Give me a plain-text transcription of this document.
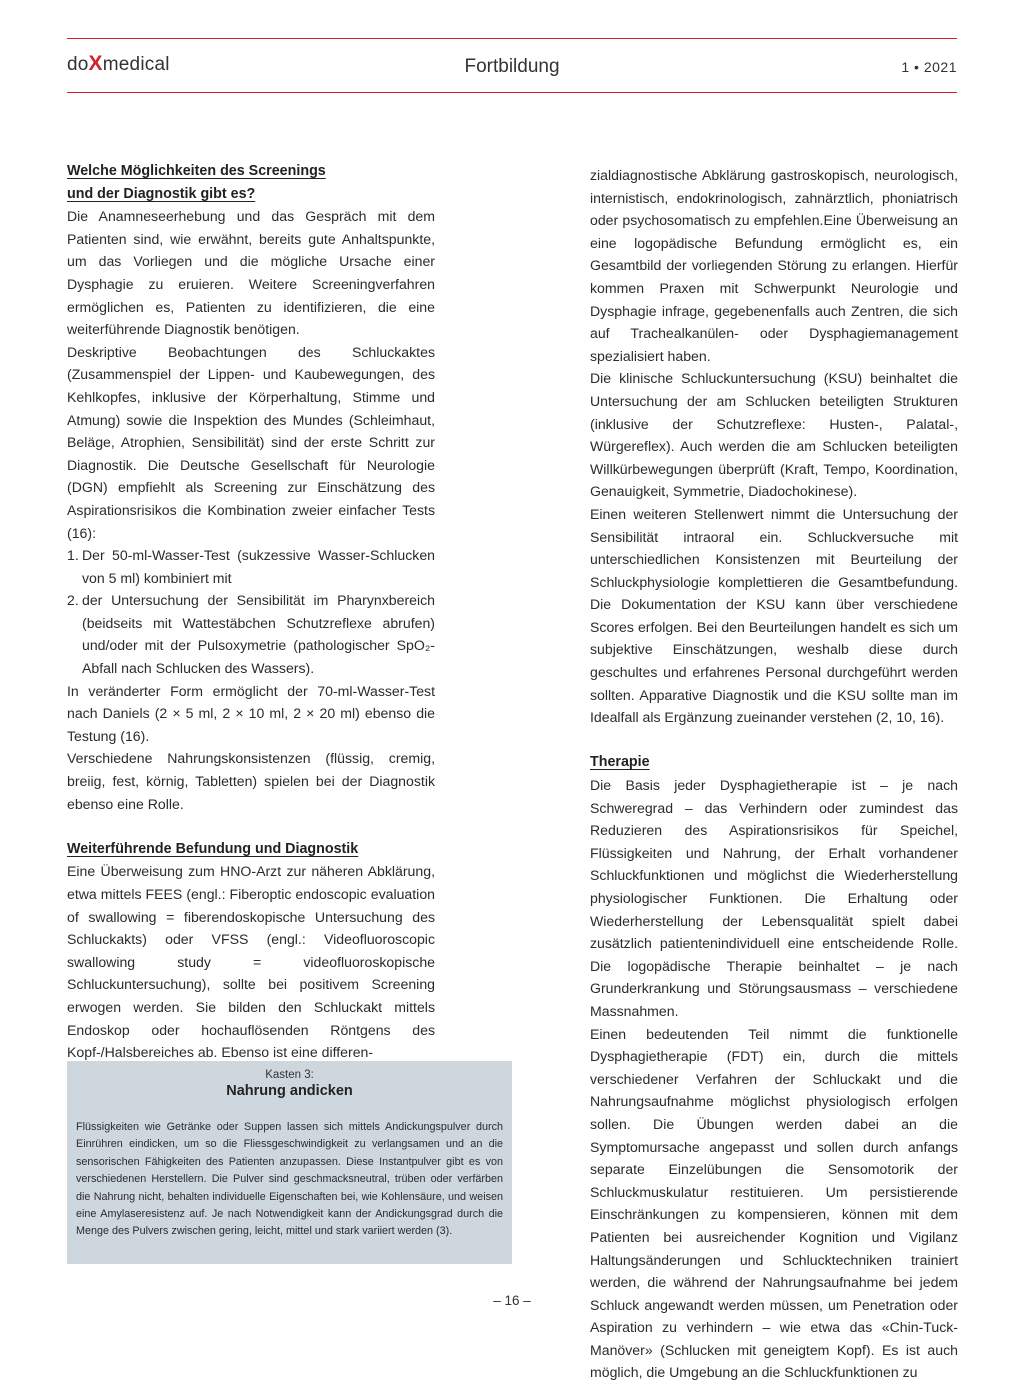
doXmedical	Fortbildung	1 • 2021
Welche Möglichkeiten des Screenings
und der Diagnostik gibt es?

Die Anamneseerhebung und das Gespräch mit dem Patienten sind, wie erwähnt, bereits gute Anhaltspunkte, um das Vorliegen und die mögliche Ursache einer Dysphagie zu eruieren. Weitere Screeningverfahren ermöglichen es, Patienten zu identifizieren, die eine weiterführende Diagnostik benötigen.

Deskriptive Beobachtungen des Schluckaktes (Zusammenspiel der Lippen- und Kaubewegungen, des Kehlkopfes, inklusive der Körperhaltung, Stimme und Atmung) sowie die Inspektion des Mundes (Schleimhaut, Beläge, Atrophien, Sensibilität) sind der erste Schritt zur Diagnostik. Die Deutsche Gesellschaft für Neurologie (DGN) empfiehlt als Screening zur Einschätzung des Aspirationsrisikos die Kombination zweier einfacher Tests (16):

1. Der 50-ml-Wasser-Test (sukzessive Wasser-Schlucken von 5 ml) kombiniert mit
2. der Untersuchung der Sensibilität im Pharynxbereich (beidseits mit Wattestäbchen Schutzreflexe abrufen) und/oder mit der Pulsoxymetrie (pathologischer SpO₂-Abfall nach Schlucken des Wassers).

In veränderter Form ermöglicht der 70-ml-Wasser-Test nach Daniels (2 × 5 ml, 2 × 10 ml, 2 × 20 ml) ebenso die Testung (16).

Verschiedene Nahrungskonsistenzen (flüssig, cremig, breiig, fest, körnig, Tabletten) spielen bei der Diagnostik ebenso eine Rolle.

Weiterführende Befundung und Diagnostik

Eine Überweisung zum HNO-Arzt zur näheren Abklärung, etwa mittels FEES (engl.: Fiberoptic endoscopic evaluation of swallowing = fiberendoskopische Untersuchung des Schluckakts) oder VFSS (engl.: Videofluoroscopic swallowing study = videofluoroskopische Schluckuntersuchung), sollte bei positivem Screening erwogen werden. Sie bilden den Schluckakt mittels Endoskop oder hochauflösenden Röntgens des Kopf-/Halsbereiches ab. Ebenso ist eine differen-

Kasten 3:
Nahrung andicken
Flüssigkeiten wie Getränke oder Suppen lassen sich mittels Andickungspulver durch Einrühren eindicken, um so die Fliessgeschwindigkeit zu verlangsamen und an die sensorischen Fähigkeiten des Patienten anzupassen. Diese Instantpulver gibt es von verschiedenen Herstellern. Die Pulver sind geschmacksneutral, trüben oder verfärben die Nahrung nicht, behalten individuelle Eigenschaften bei, wie Kohlensäure, und weisen eine Amylaseresistenz auf. Je nach Notwendigkeit kann der Andickungsgrad durch die Menge des Pulvers zwischen gering, leicht, mittel und stark variiert werden (3).

zialdiagnostische Abklärung gastroskopisch, neurologisch, internistisch, endokrinologisch, zahnärztlich, phoniatrisch oder psychosomatisch zu empfehlen.Eine Überweisung an eine logopädische Befundung ermöglicht es, ein Gesamtbild der vorliegenden Störung zu erlangen. Hierfür kommen Praxen mit Schwerpunkt Neurologie und Dysphagie infrage, gegebenenfalls auch Zentren, die sich auf Trachealkanülen- oder Dysphagiemanagement spezialisiert haben.

Die klinische Schluckuntersuchung (KSU) beinhaltet die Untersuchung der am Schlucken beteiligten Strukturen (inklusive der Schutzreflexe: Husten-, Palatal-, Würgereflex). Auch werden die am Schlucken beteiligten Willkürbewegungen überprüft (Kraft, Tempo, Koordination, Genauigkeit, Symmetrie, Diadochokinese).

Einen weiteren Stellenwert nimmt die Untersuchung der Sensibilität intraoral ein. Schluckversuche mit unterschiedlichen Konsistenzen mit Beurteilung der Schluckphysiologie komplettieren die Gesamtbefundung. Die Dokumentation der KSU kann über verschiedene Scores erfolgen. Bei den Beurteilungen handelt es sich um subjektive Einschätzungen, weshalb diese durch geschultes und erfahrenes Personal durchgeführt werden sollten. Apparative Diagnostik und die KSU sollte man im Idealfall als Ergänzung zueinander verstehen (2, 10, 16).

Therapie

Die Basis jeder Dysphagietherapie ist – je nach Schweregrad – das Verhindern oder zumindest das Reduzieren des Aspirationsrisikos für Speichel, Flüssigkeiten und Nahrung, der Erhalt vorhandener Schluckfunktionen und möglichst die Wiederherstellung physiologischer Funktionen. Die Erhaltung oder Wiederherstellung der Lebensqualität spielt dabei zusätzlich patientenindividuell eine entscheidende Rolle. Die logopädische Therapie beinhaltet – je nach Grunderkrankung und Störungsausmass – verschiedene Massnahmen.

Einen bedeutenden Teil nimmt die funktionelle Dysphagietherapie (FDT) ein, durch die mittels verschiedener Verfahren der Schluckakt und die Nahrungsaufnahme möglichst physiologisch erfolgen sollen. Die Übungen werden dabei an die Symptomursache angepasst und sollen durch anfangs separate Einzelübungen die Sensomotorik der Schluckmuskulatur restituieren. Um persistierende Einschränkungen zu kompensieren, können mit dem Patienten bei ausreichender Kognition und Vigilanz Haltungsänderungen und Schlucktechniken trainiert werden, die während der Nahrungsaufnahme bei jedem Schluck angewandt werden müssen, um Penetration oder Aspiration zu verhindern – wie etwa das «Chin-Tuck-Manöver» (Schlucken mit geneigtem Kopf). Es ist auch möglich, die Umgebung an die Schluckfunktionen zu

– 16 –
